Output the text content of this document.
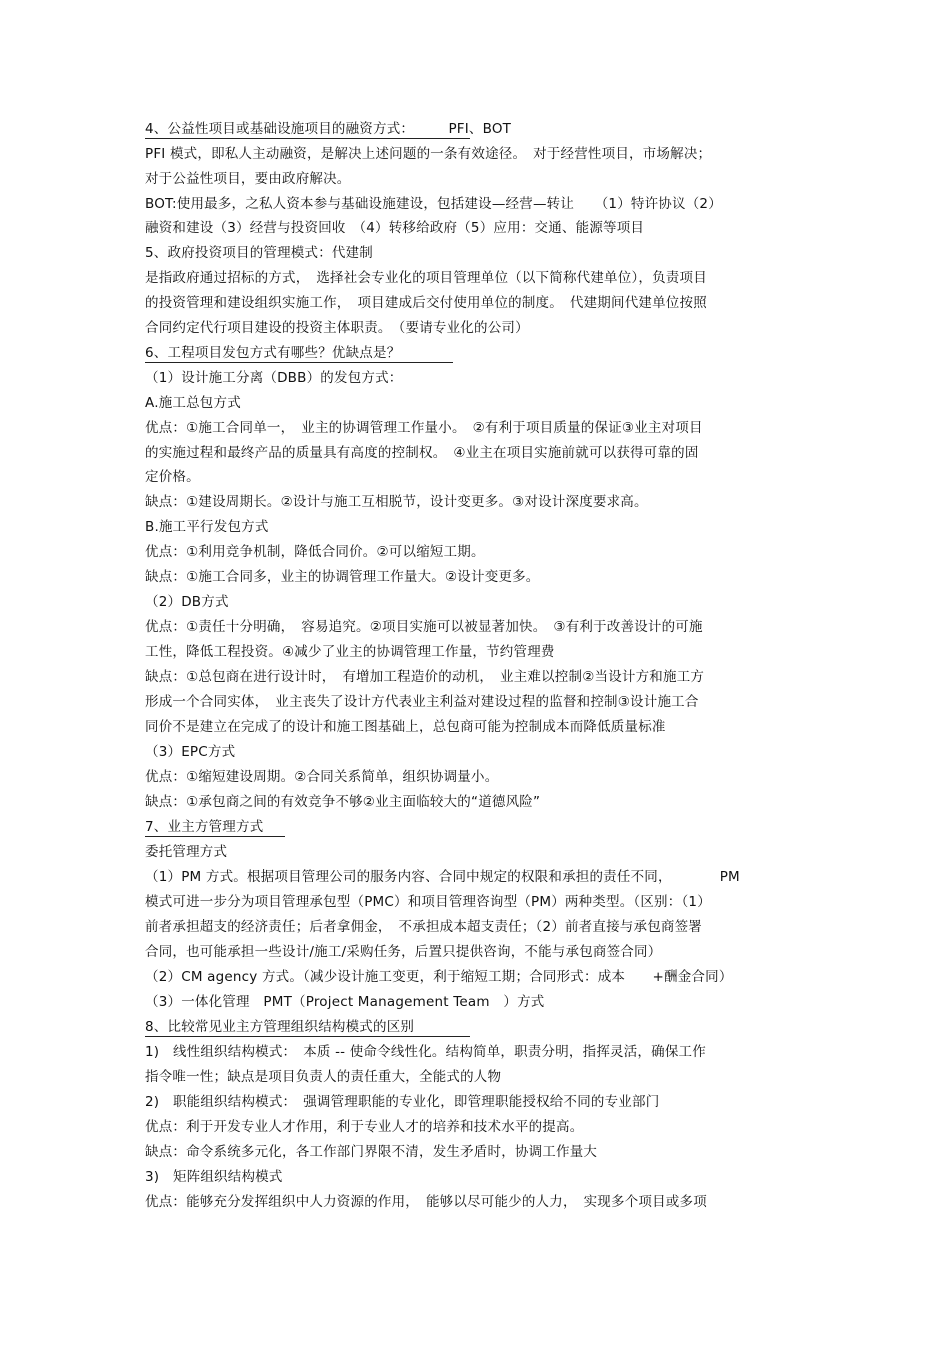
4、公益性项目或基础设施项目的融资方式：　　　PFI、BOT
PFI 模式，即私人主动融资，是解决上述问题的一条有效途径。　对于经营性项目，市场解决；
对于公益性项目，要由政府解决。
BOT:使用最多，之私人资本参与基础设施建设，包括建设—经营—转让　　（1）特许协议（2）
融资和建设（3）经营与投资回收　（4）转移给政府（5）应用：交通、能源等项目
5、政府投资项目的管理模式：代建制
是指政府通过招标的方式，　选择社会专业化的项目管理单位（以下简称代建单位），负责项目
的投资管理和建设组织实施工作，　项目建成后交付使用单位的制度。　代建期间代建单位按照
合同约定代行项目建设的投资主体职责。　（要请专业化的公司）
6、工程项目发包方式有哪些？优缺点是？
（1）设计施工分离（DBB）的发包方式：
A.施工总包方式
优点：①施工合同单一，　业主的协调管理工作量小。　②有利于项目质量的保证③业主对项目
的实施过程和最终产品的质量具有高度的控制权。　④业主在项目实施前就可以获得可靠的固
定价格。
缺点：①建设周期长。②设计与施工互相脱节，设计变更多。③对设计深度要求高。
B.施工平行发包方式
优点：①利用竞争机制，降低合同价。②可以缩短工期。
缺点：①施工合同多，业主的协调管理工作量大。②设计变更多。
（2）DB方式
优点：①责任十分明确，　容易追究。②项目实施可以被显著加快。　③有利于改善设计的可施
工性，降低工程投资。④减少了业主的协调管理工作量，节约管理费
缺点：①总包商在进行设计时，　有增加工程造价的动机，　业主难以控制②当设计方和施工方
形成一个合同实体，　业主丧失了设计方代表业主利益对建设过程的监督和控制③设计施工合
同价不是建立在完成了的设计和施工图基础上，总包商可能为控制成本而降低质量标准
（3）EPC方式
优点：①缩短建设周期。②合同关系简单，组织协调量小。
缺点：①承包商之间的有效竞争不够②业主面临较大的“道德风险”
7、业主方管理方式
委托管理方式
（1）PM 方式。根据项目管理公司的服务内容、合同中规定的权限和承担的责任不同，　　　　PM
模式可进一步分为项目管理承包型（PMC）和项目管理咨询型（PM）两种类型。（区别：（1）
前者承担超支的经济责任；后者拿佣金，　不承担成本超支责任；（2）前者直接与承包商签署
合同，也可能承担一些设计/施工/采购任务，后置只提供咨询，不能与承包商签合同）
（2）CM agency 方式。（减少设计施工变更，利于缩短工期；合同形式：成本　　+酬金合同）
（3）一体化管理　PMT（Project Management Team　）方式
8、比较常见业主方管理组织结构模式的区别
1)　线性组织结构模式：　本质 -- 使命令线性化。结构简单，职责分明，指挥灵活，确保工作
指令唯一性；缺点是项目负责人的责任重大，全能式的人物
2)　职能组织结构模式：　强调管理职能的专业化，即管理职能授权给不同的专业部门
优点：利于开发专业人才作用，利于专业人才的培养和技术水平的提高。
缺点：命令系统多元化，各工作部门界限不清，发生矛盾时，协调工作量大
3)　矩阵组织结构模式
优点：能够充分发挥组织中人力资源的作用，　能够以尽可能少的人力，　实现多个项目或多项
